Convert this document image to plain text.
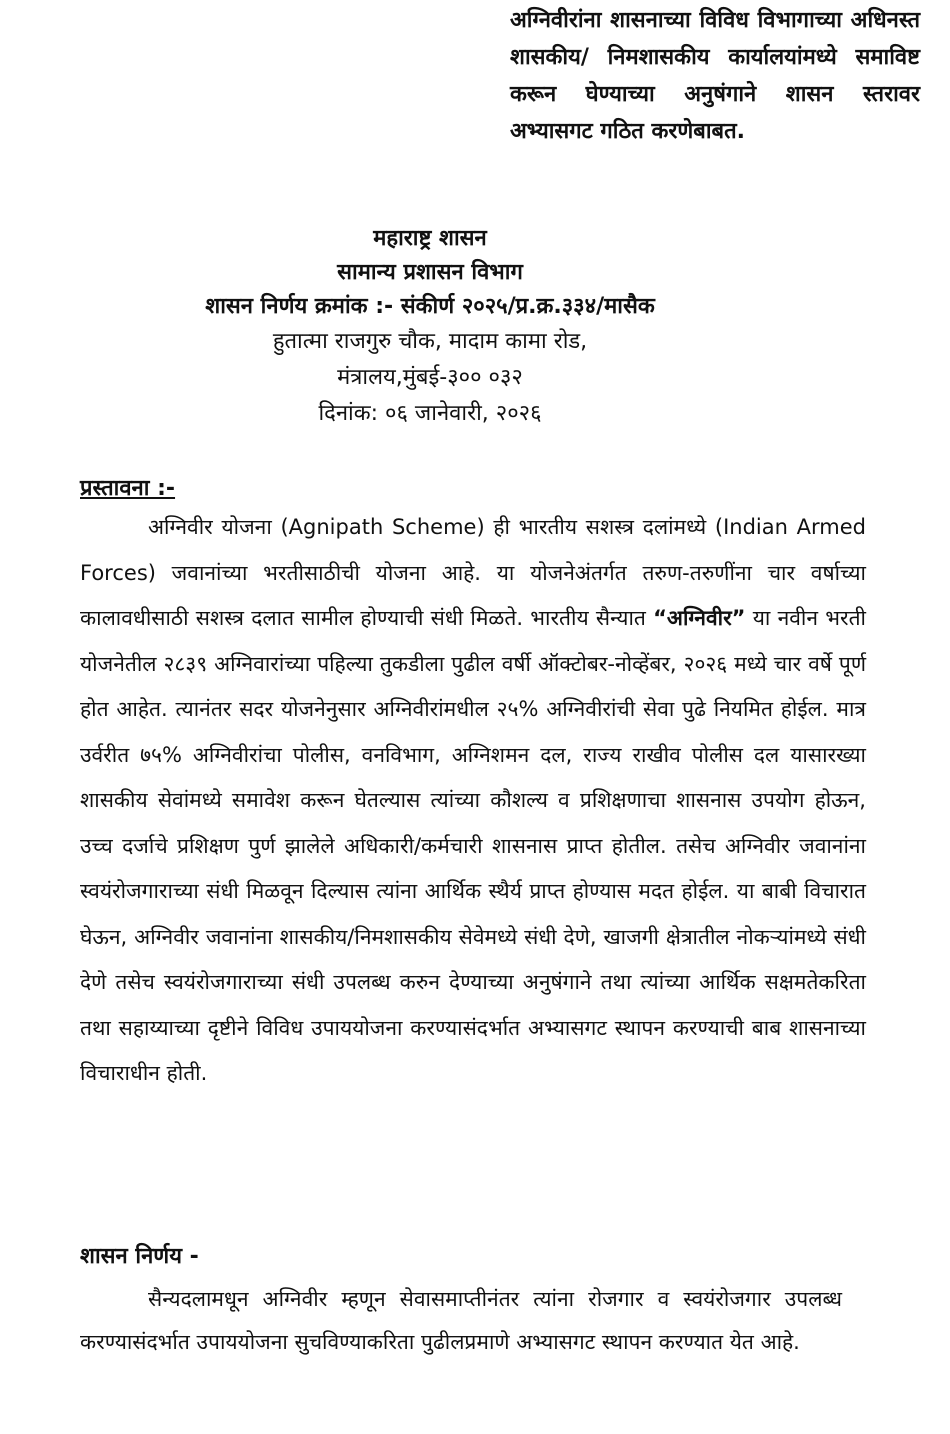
अग्निवीरांना शासनाच्या विविध विभागाच्या अधिनस्त शासकीय/ निमशासकीय कार्यालयांमध्ये समाविष्ट करून घेण्याच्या अनुषंगाने शासन स्तरावर अभ्यासगट गठित करणेबाबत.
महाराष्ट्र शासन
सामान्य प्रशासन विभाग
शासन निर्णय क्रमांक :- संकीर्ण २०२५/प्र.क्र.३३४/मासैक
हुतात्मा राजगुरु चौक, मादाम कामा रोड,
मंत्रालय,मुंबई-३०० ०३२
दिनांक: ०६ जानेवारी, २०२६
प्रस्तावना :-
अग्निवीर योजना (Agnipath Scheme) ही भारतीय सशस्त्र दलांमध्ये (Indian Armed Forces) जवानांच्या भरतीसाठीची योजना आहे. या योजनेअंतर्गत तरुण-तरुणींना चार वर्षाच्या कालावधीसाठी सशस्त्र दलात सामील होण्याची संधी मिळते. भारतीय सैन्यात “अग्निवीर” या नवीन भरती योजनेतील २८३९ अग्निवारांच्या पहिल्या तुकडीला पुढील वर्षी ऑक्टोबर-नोव्हेंबर, २०२६ मध्ये चार वर्षे पूर्ण होत आहेत. त्यानंतर सदर योजनेनुसार अग्निवीरांमधील २५% अग्निवीरांची सेवा पुढे नियमित होईल. मात्र उर्वरीत ७५% अग्निवीरांचा पोलीस, वनविभाग, अग्निशमन दल, राज्य राखीव पोलीस दल यासारख्या शासकीय सेवांमध्ये समावेश करून घेतल्यास त्यांच्या कौशल्य व प्रशिक्षणाचा शासनास उपयोग होऊन, उच्च दर्जाचे प्रशिक्षण पुर्ण झालेले अधिकारी/कर्मचारी शासनास प्राप्त होतील. तसेच अग्निवीर जवानांना स्वयंरोजगाराच्या संधी मिळवून दिल्यास त्यांना आर्थिक स्थैर्य प्राप्त होण्यास मदत होईल. या बाबी विचारात घेऊन, अग्निवीर जवानांना शासकीय/निमशासकीय सेवेमध्ये संधी देणे, खाजगी क्षेत्रातील नोकऱ्यांमध्ये संधी देणे तसेच स्वयंरोजगाराच्या संधी उपलब्ध करुन देण्याच्या अनुषंगाने तथा त्यांच्या आर्थिक सक्षमतेकरिता तथा सहाय्याच्या दृष्टीने विविध उपाययोजना करण्यासंदर्भात अभ्यासगट स्थापन करण्याची बाब शासनाच्या विचाराधीन होती.
शासन निर्णय -
सैन्यदलामधून अग्निवीर म्हणून सेवासमाप्तीनंतर त्यांना रोजगार व स्वयंरोजगार उपलब्ध करण्यासंदर्भात उपाययोजना सुचविण्याकरिता पुढीलप्रमाणे अभ्यासगट स्थापन करण्यात येत आहे.
